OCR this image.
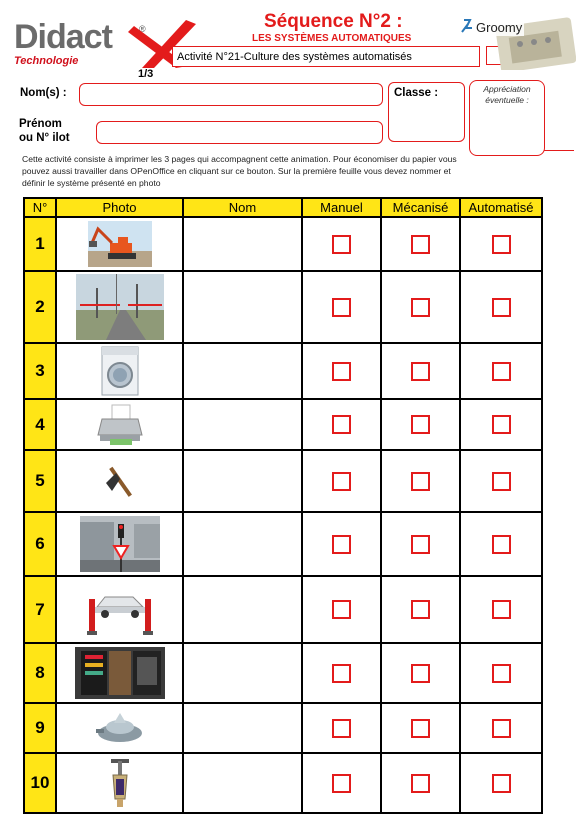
Didact	®
Technologie
1/3
Séquence N°2 :
LES SYSTÈMES AUTOMATIQUES
Activité N°21-Culture des systèmes automatisés
Groomy
Nom(s) :
Prénom
ou N° ilot
Classe :	Appréciation
éventuelle :
Cette activité consiste à imprimer les 3 pages qui accompagnent cette animation. Pour économiser du papier vous pouvez aussi travailler dans OPenOffice en cliquant sur ce bouton. Sur la première feuille vous devez nommer et définir le système présenté en photo
N°	Photo	Nom	Manuel	Mécanisé	Automatisé
1					
2					
3					
4					
5					
6					
7					
8					
9					
10					
